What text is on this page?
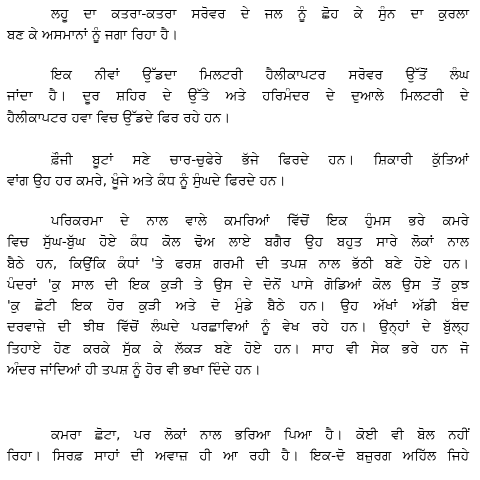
ਲਹੂ ਦਾ ਕਤਰਾ-ਕਤਰਾ ਸਰੋਵਰ ਦੇ ਜਲ ਨੂੰ ਛੋਹ ਕੇ ਸੁੰਨ ਦਾ ਕੁਰਲਾ
ਬਣ ਕੇ ਅਸਮਾਨਾਂ ਨੂੰ ਜਗਾ ਰਿਹਾ ਹੈ।
ਇਕ ਨੀਵਾਂ ਉੱਡਦਾ ਮਿਲਟਰੀ ਹੈਲੀਕਾਪਟਰ ਸਰੋਵਰ ਉੱਤੋਂ ਲੰਘ
ਜਾਂਦਾ ਹੈ। ਦੂਰ ਸ਼ਹਿਰ ਦੇ ਉੱਤੇ ਅਤੇ ਹਰਿਮੰਦਰ ਦੇ ਦੁਆਲੇ ਮਿਲਟਰੀ ਦੇ
ਹੈਲੀਕਾਪਟਰ ਹਵਾ ਵਿਚ ਉੱਡਦੇ ਫਿਰ ਰਹੇ ਹਨ।
ਫ਼ੌਜੀ ਬੂਟਾਂ ਸਣੇ ਚਾਰ-ਚੁਫੇਰੇ ਭੱਜੇ ਫਿਰਦੇ ਹਨ। ਸ਼ਿਕਾਰੀ ਕੁੱਤਿਆਂ
ਵਾਂਗ ਉਹ ਹਰ ਕਮਰੇ, ਖੂੰਜੇ ਅਤੇ ਕੰਧ ਨੂੰ ਸੁੰਘਦੇ ਫਿਰਦੇ ਹਨ।
ਪਰਿਕਰਮਾ ਦੇ ਨਾਲ ਵਾਲੇ ਕਮਰਿਆਂ ਵਿੱਚੋਂ ਇਕ ਹੁੰਮਸ ਭਰੇ ਕਮਰੇ
ਵਿਚ ਸੁੱਘ-ਬੁੱਘ ਹੋਏ ਕੰਧ ਕੋਲ ਢੋਅ ਲਾਏ ਬਗੈਰ ਉਹ ਬਹੁਤ ਸਾਰੇ ਲੋਕਾਂ ਨਾਲ
ਬੈਠੇ ਹਨ, ਕਿਉਂਕਿ ਕੰਧਾਂ 'ਤੇ ਫਰਸ਼ ਗਰਮੀ ਦੀ ਤਪਸ਼ ਨਾਲ ਭੱਠੀ ਬਣੇ ਹੋਏ ਹਨ।
ਪੰਦਰਾਂ 'ਕੁ ਸਾਲ ਦੀ ਇਕ ਕੁੜੀ ਤੇ ਉਸ ਦੇ ਦੋਨੋਂ ਪਾਸੇ ਗੋਡਿਆਂ ਕੋਲ ਉਸ ਤੋਂ ਕੁਝ
'ਕੁ ਛੋਟੀ ਇਕ ਹੋਰ ਕੁੜੀ ਅਤੇ ਦੋ ਮੁੰਡੇ ਬੈਠੇ ਹਨ। ਉਹ ਅੱਖਾਂ ਅੱਡੀ ਬੰਦ
ਦਰਵਾਜ਼ੇ ਦੀ ਝੀਥ ਵਿੱਚੋਂ ਲੰਘਦੇ ਪਰਛਾਵਿਆਂ ਨੂੰ ਵੇਖ ਰਹੇ ਹਨ। ਉਨ੍ਹਾਂ ਦੇ ਬੁੱਲ੍ਹ
ਤਿਹਾਏ ਹੋਣ ਕਰਕੇ ਸੁੱਕ ਕੇ ਲੱਕੜ ਬਣੇ ਹੋਏ ਹਨ। ਸਾਹ ਵੀ ਸੇਕ ਭਰੇ ਹਨ ਜੋ
ਅੰਦਰ ਜਾਂਦਿਆਂ ਹੀ ਤਪਸ਼ ਨੂੰ ਹੋਰ ਵੀ ਭਖਾ ਦਿੰਦੇ ਹਨ।
ਕਮਰਾ ਛੋਟਾ, ਪਰ ਲੋਕਾਂ ਨਾਲ ਭਰਿਆ ਪਿਆ ਹੈ। ਕੋਈ ਵੀ ਬੋਲ ਨਹੀਂ
ਰਿਹਾ। ਸਿਰਫ਼ ਸਾਹਾਂ ਦੀ ਅਵਾਜ਼ ਹੀ ਆ ਰਹੀ ਹੈ। ਇਕ-ਦੋ ਬਜ਼ੁਰਗ ਅਹਿੱਲ ਜਿਹੇ
